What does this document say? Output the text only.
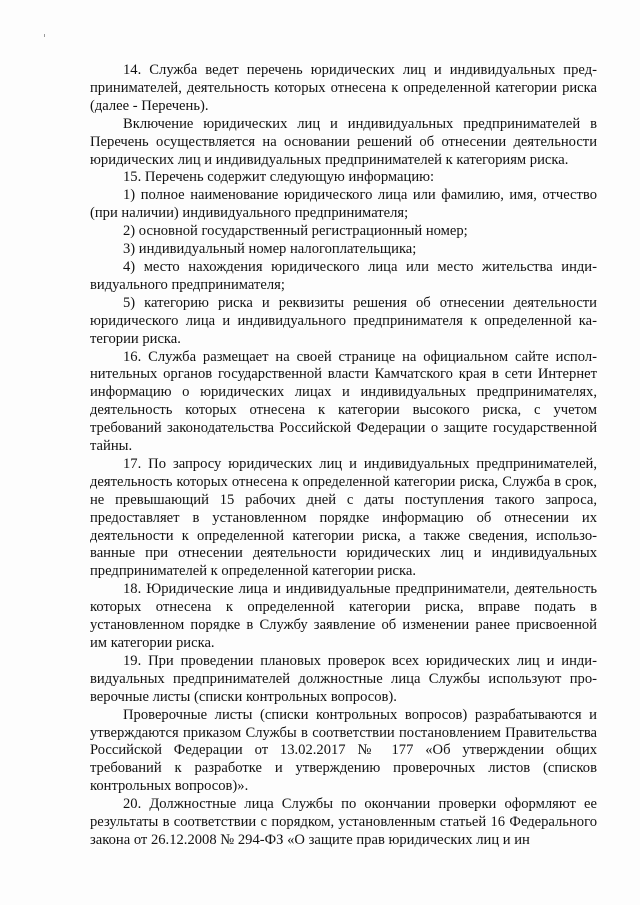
14. Служба ведет перечень юридических лиц и индивидуальных предпринимателей, деятельность которых отнесена к определенной категории риска (далее - Перечень).

Включение юридических лиц и индивидуальных предпринимателей в Перечень осуществляется на основании решений об отнесении деятельности юридических лиц и индивидуальных предпринимателей к категориям риска.

15. Перечень содержит следующую информацию:

1) полное наименование юридического лица или фамилию, имя, отчество (при наличии) индивидуального предпринимателя;

2) основной государственный регистрационный номер;

3) индивидуальный номер налогоплательщика;

4) место нахождения юридического лица или место жительства индивидуального предпринимателя;

5) категорию риска и реквизиты решения об отнесении деятельности юридического лица и индивидуального предпринимателя к определенной категории риска.

16. Служба размещает на своей странице на официальном сайте исполнительных органов государственной власти Камчатского края в сети Интернет информацию о юридических лицах и индивидуальных предпринимателях, деятельность которых отнесена к категории высокого риска, с учетом требований законодательства Российской Федерации о защите государственной тайны.

17. По запросу юридических лиц и индивидуальных предпринимателей, деятельность которых отнесена к определенной категории риска, Служба в срок, не превышающий 15 рабочих дней с даты поступления такого запроса, предоставляет в установленном порядке информацию об отнесении их деятельности к определенной категории риска, а также сведения, использованные при отнесении деятельности юридических лиц и индивидуальных предпринимателей к определенной категории риска.

18. Юридические лица и индивидуальные предприниматели, деятельность которых отнесена к определенной категории риска, вправе подать в установленном порядке в Службу заявление об изменении ранее присвоенной им категории риска.

19. При проведении плановых проверок всех юридических лиц и индивидуальных предпринимателей должностные лица Службы используют проверочные листы (списки контрольных вопросов).

Проверочные листы (списки контрольных вопросов) разрабатываются и утверждаются приказом Службы в соответствии постановлением Правительства Российской Федерации от 13.02.2017 № 177 «Об утверждении общих требований к разработке и утверждению проверочных листов (списков контрольных вопросов)».

20. Должностные лица Службы по окончании проверки оформляют ее результаты в соответствии с порядком, установленным статьей 16 Федерального закона от 26.12.2008 № 294-ФЗ «О защите прав юридических лиц и ин
